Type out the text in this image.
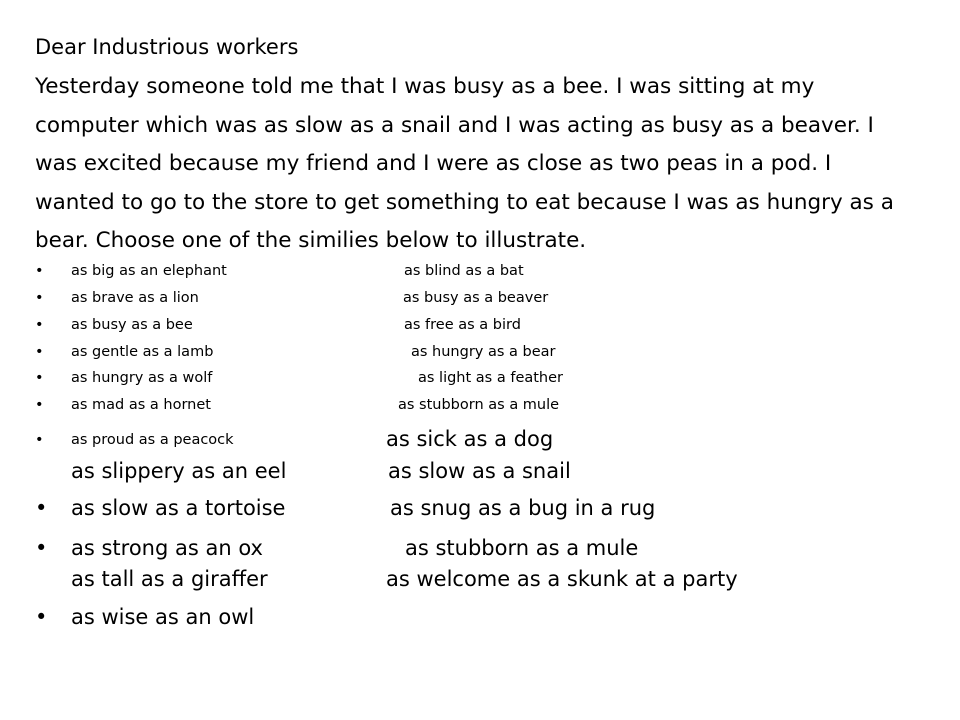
Dear Industrious workers
Yesterday someone told me that I was busy as a bee. I was sitting at my
computer which was as slow as a snail and I was acting as busy as a beaver. I
was excited because my friend and I were as close as two peas in a pod. I
wanted to go to the store to get something to eat because I was as hungry as a
bear. Choose one of the similies below to illustrate.
• as big as an elephant	as blind as a bat
• as brave as a lion	as busy as a beaver
• as busy as a bee	as free as a bird
• as gentle as a lamb	as hungry as a bear
• as hungry as a wolf	as light as a feather
• as mad as a hornet	as stubborn as a mule
• as proud as a peacock	as sick as a dog
as slippery as an eel	as slow as a snail
• as slow as a tortoise	as snug as a bug in a rug
• as strong as an ox	as stubborn as a mule
as tall as a giraffer	as welcome as a skunk at a party
• as wise as an owl
